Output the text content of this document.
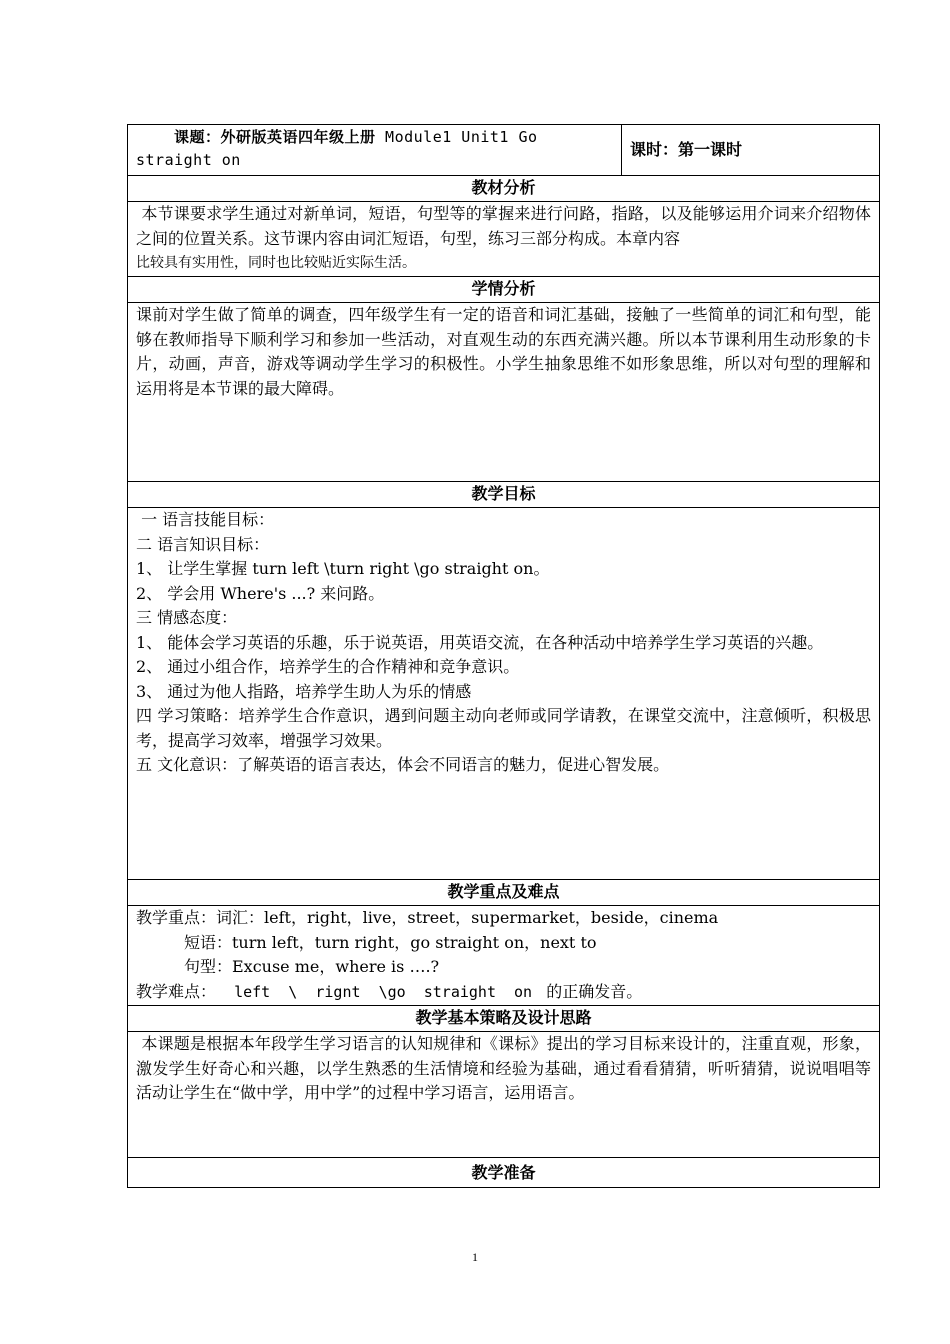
课题：外研版英语四年级上册 Module1 Unit1 Go
straight on	课时：第一课时
教材分析

本节课要求学生通过对新单词，短语，句型等的掌握来进行问路，指路，以及能够运用介词来介绍物体之间的位置关系。这节课内容由词汇短语，句型，练习三部分构成。本章内容

比较具有实用性，同时也比较贴近实际生活。

学情分析

课前对学生做了简单的调查，四年级学生有一定的语音和词汇基础，接触了一些简单的词汇和句型，能够在教师指导下顺利学习和参加一些活动，对直观生动的东西充满兴趣。所以本节课利用生动形象的卡片，动画，声音，游戏等调动学生学习的积极性。小学生抽象思维不如形象思维，所以对句型的理解和运用将是本节课的最大障碍。

教学目标

一 语言技能目标：

二 语言知识目标：

1、 让学生掌握 turn left \turn right \go straight on。

2、 学会用 Where's ...? 来问路。

三 情感态度：

1、 能体会学习英语的乐趣，乐于说英语，用英语交流，在各种活动中培养学生学习英语的兴趣。

2、 通过小组合作，培养学生的合作精神和竞争意识。

3、 通过为他人指路，培养学生助人为乐的情感

四 学习策略：培养学生合作意识，遇到问题主动向老师或同学请教，在课堂交流中，注意倾听，积极思考，提高学习效率，增强学习效果。

五 文化意识：了解英语的语言表达，体会不同语言的魅力，促进心智发展。

教学重点及难点

教学重点：词汇：left，right，live，street，supermarket，beside，cinema

短语：turn left，turn right，go straight on，next to

句型：Excuse me，where is ….?

教学难点：  left  \  rignt  \go  straight  on  的正确发音。

教学基本策略及设计思路

本课题是根据本年段学生学习语言的认知规律和《课标》提出的学习目标来设计的，注重直观，形象，激发学生好奇心和兴趣，以学生熟悉的生活情境和经验为基础，通过看看猜猜，听听猜猜，说说唱唱等活动让学生在“做中学，用中学”的过程中学习语言，运用语言。

教学准备
1
